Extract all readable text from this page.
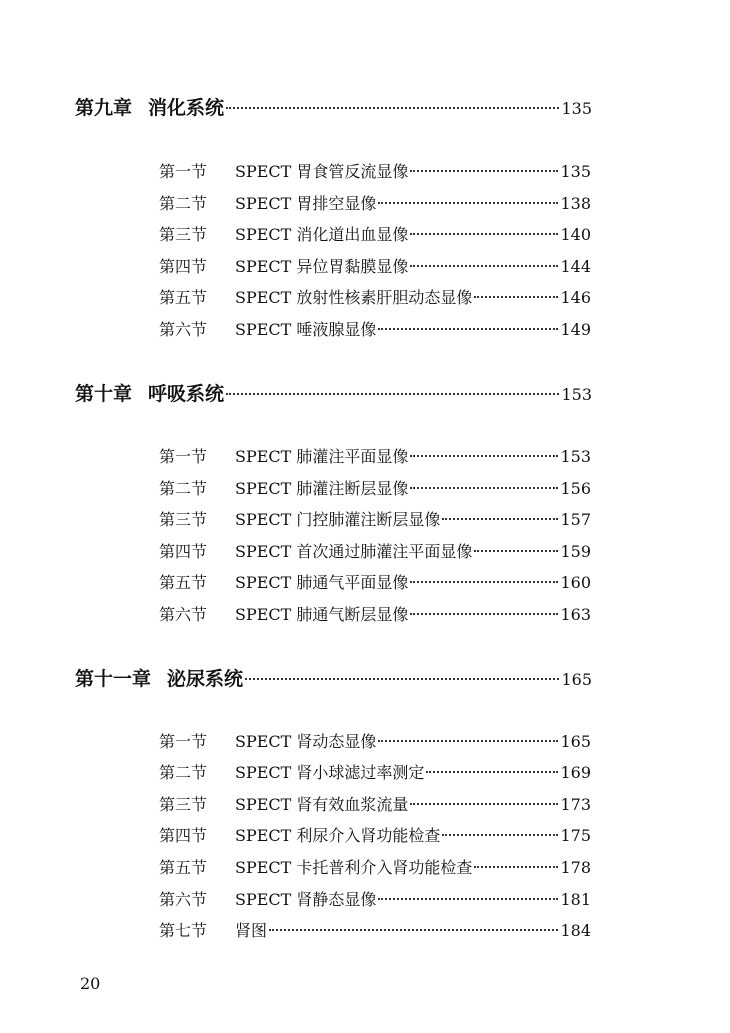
第九章 消化系统	135
第一节	SPECT 胃食管反流显像	135
第二节	SPECT 胃排空显像	138
第三节	SPECT 消化道出血显像	140
第四节	SPECT 异位胃黏膜显像	144
第五节	SPECT 放射性核素肝胆动态显像	146
第六节	SPECT 唾液腺显像	149
第十章 呼吸系统	153
第一节	SPECT 肺灌注平面显像	153
第二节	SPECT 肺灌注断层显像	156
第三节	SPECT 门控肺灌注断层显像	157
第四节	SPECT 首次通过肺灌注平面显像	159
第五节	SPECT 肺通气平面显像	160
第六节	SPECT 肺通气断层显像	163
第十一章 泌尿系统	165
第一节	SPECT 肾动态显像	165
第二节	SPECT 肾小球滤过率测定	169
第三节	SPECT 肾有效血浆流量	173
第四节	SPECT 利尿介入肾功能检查	175
第五节	SPECT 卡托普利介入肾功能检查	178
第六节	SPECT 肾静态显像	181
第七节	肾图	184
20
